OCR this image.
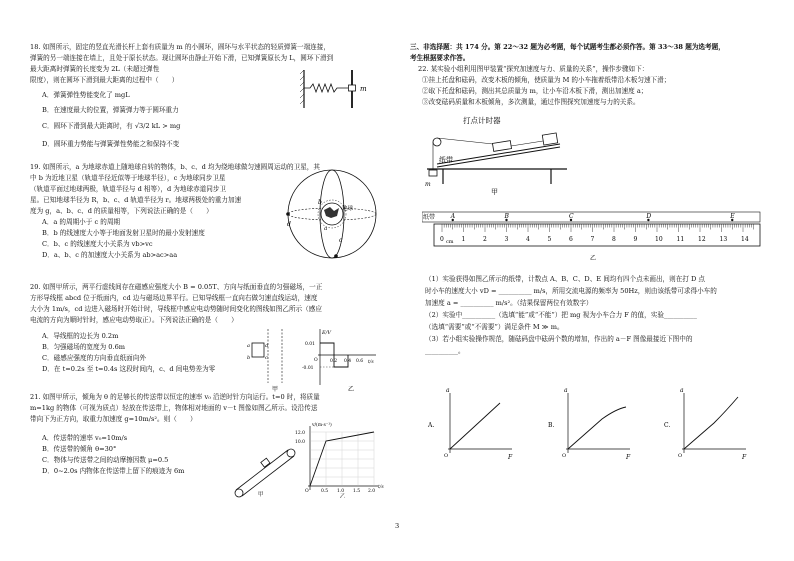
18. 如图所示，固定的竖直光滑长杆上套有质量为 m 的小圆环，圆环与水平状态的轻质弹簧一端连接，
弹簧的另一端连接在墙上，且处于原长状态。现让圆环由静止开始下滑，已知弹簧原长为 L，圆环下滑到
最大距离时弹簧的长度变为 2L（未超过弹性
限度），则在圆环下滑到最大距离的过程中（　　）
A．弹簧弹性势能变化了 mgL
B．在速度最大的位置，弹簧弹力等于圆环重力
C．圆环下滑到最大距离时，有 √3/2 kL > mg
D．圆环重力势能与弹簧弹性势能之和保持不变
m
19. 如图所示，a 为地球赤道上随地球自转的物体，b、c、d 均为绕地球做匀速圆周运动的卫星，其
中 b 为近地卫星（轨道半径近似等于地球半径），c 为地球同步卫星
（轨道平面过地球两极，轨道半径与 d 相等），d 为地球赤道同步卫
星。已知地球半径为 R，b、c、d 轨道半径为 r。地球两极处的重力加速
度为 g，a、b、c、d 的质量相等，下列说法正确的是（　　）
A．a 的周期小于 c 的周期
B．b 的线速度大小等于地面发射卫星时的最小发射速度
C．b、c 的线速度大小关系为 vb>vc
D．a、b、c 的加速度大小关系为 ab>ac>aa
地球
b
c
d
a
20. 如图甲所示，两平行虚线间存在磁感应强度大小 B = 0.05T、方向与纸面垂直的匀强磁场，一正
方形导线框 abcd 位于纸面内，cd 边与磁场边界平行。已知导线框一直向右做匀速直线运动，速度
大小为 1m/s，cd 边进入磁场时开始计时，导线框中感应电动势随时间变化的图线如图乙所示（感应
电流的方向为顺时针时，感应电动势取正）。下列说法正确的是（　　）
A．导线框的边长为 0.2m
B．匀强磁场的宽度为 0.6m
C．磁感应强度的方向垂直纸面向外
D．在 t=0.2s 至 t=0.4s 这段时间内，c、d 间电势差为零
a
b	c
d
甲
E/V
t/s
O
0.01
-0.01
0.2 0.4 0.6
乙
21. 如图甲所示，倾角为 θ 的足够长的传送带以恒定的速率 v₀ 沿逆时针方向运行。t=0 时，将质量
m=1kg 的物体（可视为质点）轻放在传送带上，物体相对地面的 v－t 图像如图乙所示。设沿传送
带向下为正方向，取重力加速度 g=10m/s²。则（　　）
A．传送带的速率 v₀=10m/s
B．传送带的倾角 θ=30°
C．物体与传送带之间的动摩擦因数 μ=0.5
D．0~2.0s 内物体在传送带上留下的痕迹为 6m
甲
v/(m·s⁻¹)
12.0
10.0
O	0.5 1.0 1.5 2.0
t/s
乙
三、非选择题：共 174 分。第 22～32 题为必考题，每个试题考生都必须作答。第 33～38 题为选考题，
考生根据要求作答。
22. 某实验小组利用图甲装置“探究加速度与力、质量的关系”，操作步骤如下：
①挂上托盘和砝码，改变木板的倾角，使质量为 M 的小车拖着纸带沿木板匀速下滑；
②取下托盘和砝码，测出其总质量为 m，让小车沿木板下滑，测出加速度 a；
③改变砝码质量和木板倾角，多次测量，通过作图探究加速度与力的关系。
打点计时器
m
纸带
甲
纸带	A	B	C	D	E
0	1	2	3	4	5	6	7	8	9	10 11 12 13 14
cm
乙
（1）实验获得如图乙所示的纸带，计数点 A、B、C、D、E 间均有四个点未画出，则在打 D 点
时小车的速度大小 vD = __________ m/s，所用交流电源的频率为 50Hz，则由该纸带可求得小车的
加速度 a = __________ m/s²。（结果保留两位有效数字）
（2）实验中__________（选填“能”或“不能”）把 mg 视为小车合力 F 的值，实验__________
（选填“需要”或“不需要”）满足条件 M ≫ m。
（3）若小组实验操作规范，随砝码盘中砝码个数的增加，作出的 a－F 图像最接近下图中的
__________。
A.
a
F
O
B.
a
F
O
C.
a
F
O
3
